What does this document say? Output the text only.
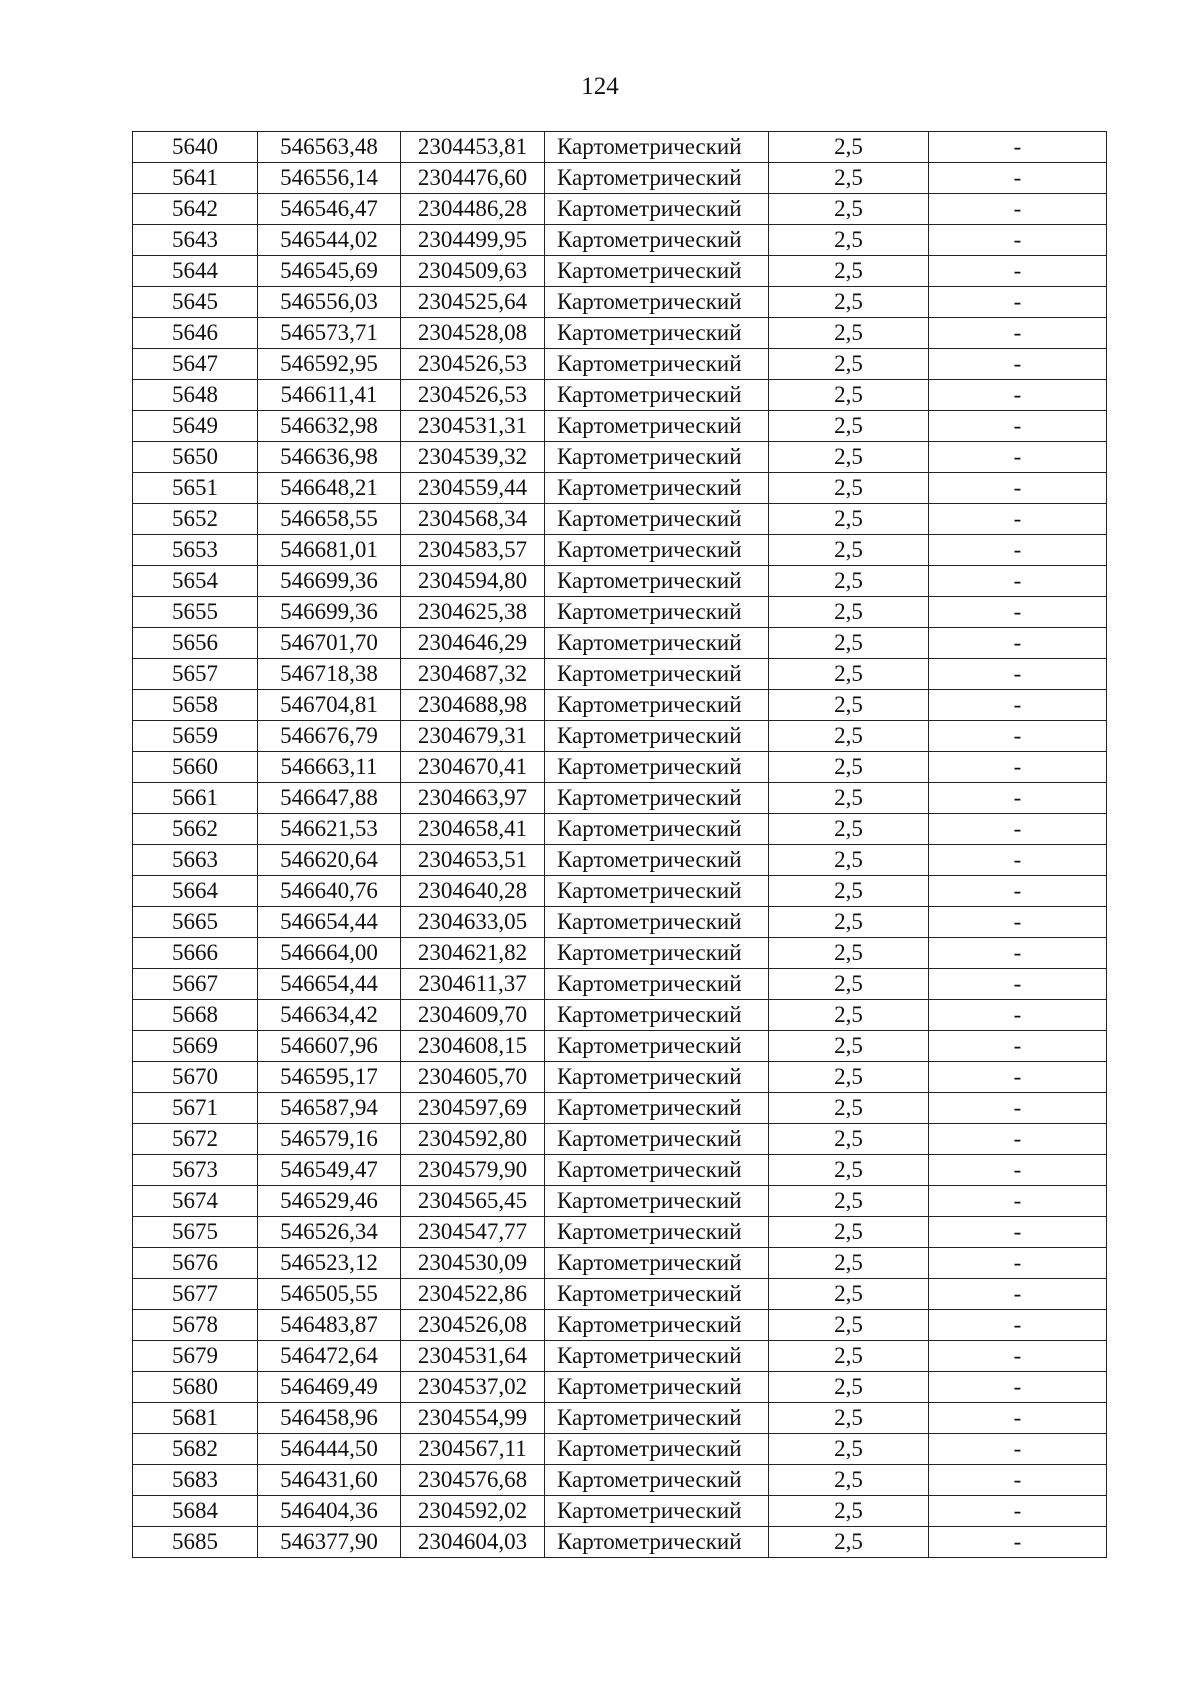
124
5640	546563,48	2304453,81	Картометрический	2,5	-
5641	546556,14	2304476,60	Картометрический	2,5	-
5642	546546,47	2304486,28	Картометрический	2,5	-
5643	546544,02	2304499,95	Картометрический	2,5	-
5644	546545,69	2304509,63	Картометрический	2,5	-
5645	546556,03	2304525,64	Картометрический	2,5	-
5646	546573,71	2304528,08	Картометрический	2,5	-
5647	546592,95	2304526,53	Картометрический	2,5	-
5648	546611,41	2304526,53	Картометрический	2,5	-
5649	546632,98	2304531,31	Картометрический	2,5	-
5650	546636,98	2304539,32	Картометрический	2,5	-
5651	546648,21	2304559,44	Картометрический	2,5	-
5652	546658,55	2304568,34	Картометрический	2,5	-
5653	546681,01	2304583,57	Картометрический	2,5	-
5654	546699,36	2304594,80	Картометрический	2,5	-
5655	546699,36	2304625,38	Картометрический	2,5	-
5656	546701,70	2304646,29	Картометрический	2,5	-
5657	546718,38	2304687,32	Картометрический	2,5	-
5658	546704,81	2304688,98	Картометрический	2,5	-
5659	546676,79	2304679,31	Картометрический	2,5	-
5660	546663,11	2304670,41	Картометрический	2,5	-
5661	546647,88	2304663,97	Картометрический	2,5	-
5662	546621,53	2304658,41	Картометрический	2,5	-
5663	546620,64	2304653,51	Картометрический	2,5	-
5664	546640,76	2304640,28	Картометрический	2,5	-
5665	546654,44	2304633,05	Картометрический	2,5	-
5666	546664,00	2304621,82	Картометрический	2,5	-
5667	546654,44	2304611,37	Картометрический	2,5	-
5668	546634,42	2304609,70	Картометрический	2,5	-
5669	546607,96	2304608,15	Картометрический	2,5	-
5670	546595,17	2304605,70	Картометрический	2,5	-
5671	546587,94	2304597,69	Картометрический	2,5	-
5672	546579,16	2304592,80	Картометрический	2,5	-
5673	546549,47	2304579,90	Картометрический	2,5	-
5674	546529,46	2304565,45	Картометрический	2,5	-
5675	546526,34	2304547,77	Картометрический	2,5	-
5676	546523,12	2304530,09	Картометрический	2,5	-
5677	546505,55	2304522,86	Картометрический	2,5	-
5678	546483,87	2304526,08	Картометрический	2,5	-
5679	546472,64	2304531,64	Картометрический	2,5	-
5680	546469,49	2304537,02	Картометрический	2,5	-
5681	546458,96	2304554,99	Картометрический	2,5	-
5682	546444,50	2304567,11	Картометрический	2,5	-
5683	546431,60	2304576,68	Картометрический	2,5	-
5684	546404,36	2304592,02	Картометрический	2,5	-
5685	546377,90	2304604,03	Картометрический	2,5	-
